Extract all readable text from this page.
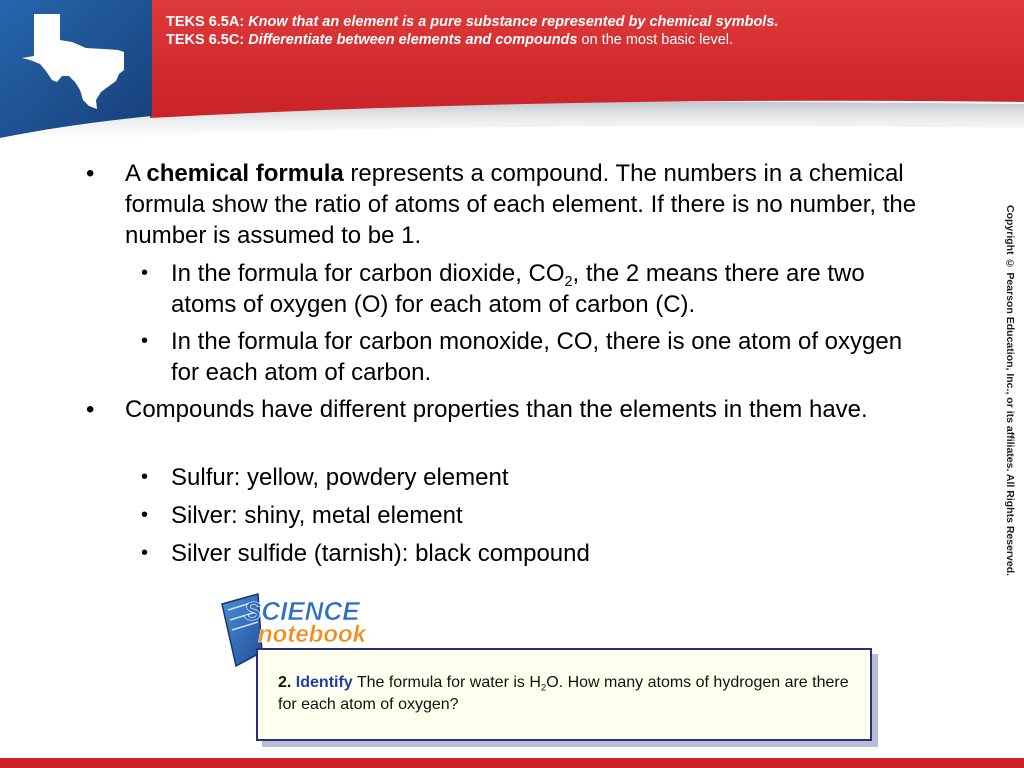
TEKS 6.5A: Know that an element is a pure substance represented by chemical symbols.
TEKS 6.5C: Differentiate between elements and compounds on the most basic level.
• A chemical formula represents a compound. The numbers in a chemical formula show the ratio of atoms of each element. If there is no number, the number is assumed to be 1.
• In the formula for carbon dioxide, $CO_2$, the 2 means there are two atoms of oxygen (O) for each atom of carbon (C).
• In the formula for carbon monoxide, CO, there is one atom of oxygen for each atom of carbon.
• Compounds have different properties than the elements in them have.
• Sulfur: yellow, powdery element
• Silver: shiny, metal element
• Silver sulfide (tarnish): black compound	Copyright © Pearson Education, Inc., or its affiliates. All Rights Reserved.
SCIENCE
notebook
2. Identify The formula for water is $H_2O$. How many atoms of hydrogen are there for each atom of oxygen?
